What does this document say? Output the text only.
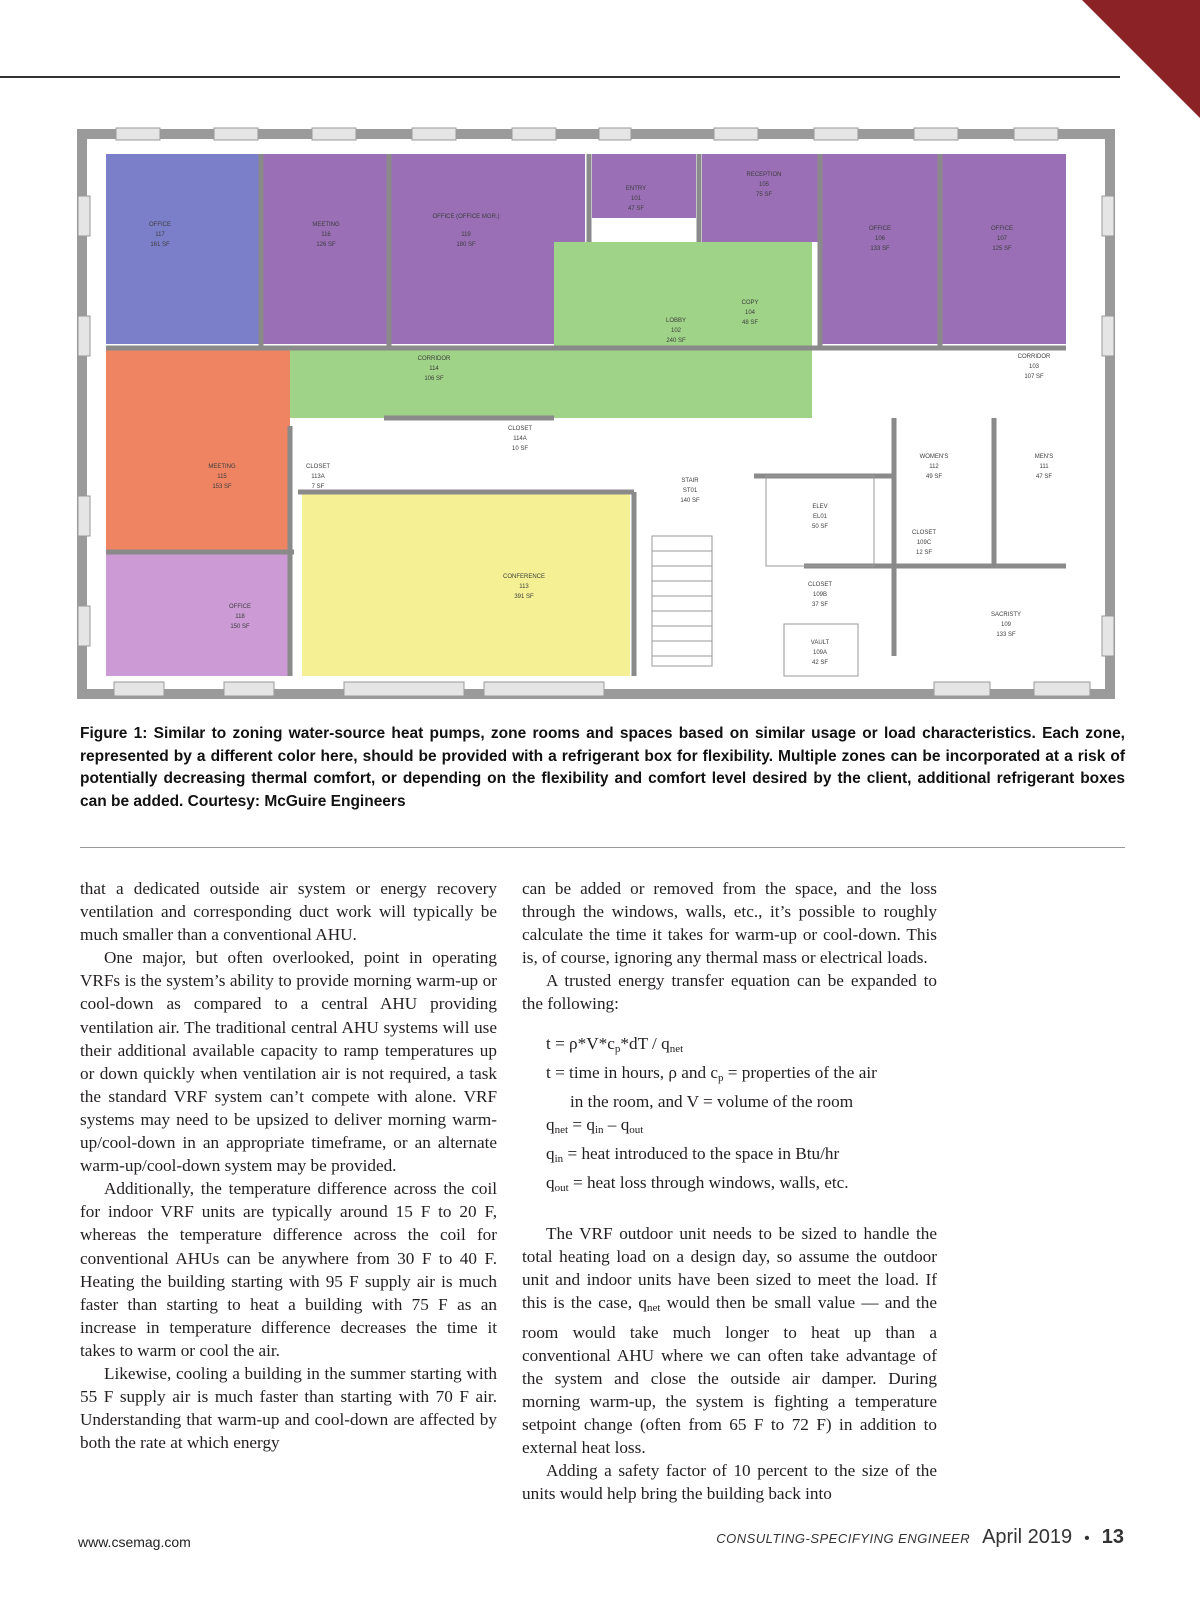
OFFICE
117
161 SF
MEETING
116
126 SF
OFFICE (OFFICE MGR.)
119
180 SF
ENTRY
101
47 SF
RECEPTION
105
75 SF
OFFICE
106
133 SF
OFFICE
107
125 SF
LOBBY
102
240 SF
COPY
104
48 SF
CORRIDOR
114
106 SF
CORRIDOR
103
107 SF
CLOSET
114A
10 SF
MEETING
115
153 SF
CLOSET
113A
7 SF
STAIR
ST01
140 SF
WOMEN'S
112
49 SF
MEN'S
111
47 SF
ELEV
EL01
50 SF
CLOSET
109C
12 SF
CONFERENCE
113
391 SF
CLOSET
109B
37 SF
SACRISTY
109
133 SF
OFFICE
118
150 SF
VAULT
109A
42 SF
Figure 1: Similar to zoning water-source heat pumps, zone rooms and spaces based on similar usage or load characteristics. Each zone, represented by a different color here, should be provided with a refrigerant box for flexibility. Multiple zones can be incorporated at a risk of potentially decreasing thermal comfort, or depending on the flexibility and comfort level desired by the client, additional refrigerant boxes can be added. Courtesy: McGuire Engineers

that a dedicated outside air system or energy recovery ventilation and corresponding duct work will typically be much smaller than a conventional AHU.

One major, but often overlooked, point in operating VRFs is the system’s ability to provide morning warm-up or cool-down as compared to a central AHU providing ventilation air. The traditional central AHU systems will use their additional available capacity to ramp temperatures up or down quickly when ventilation air is not required, a task the standard VRF system can’t compete with alone. VRF systems may need to be upsized to deliver morning warm-up/cool-down in an appropriate timeframe, or an alternate warm-up/cool-down system may be provided.

Additionally, the temperature difference across the coil for indoor VRF units are typically around 15 F to 20 F, whereas the temperature difference across the coil for conventional AHUs can be anywhere from 30 F to 40 F. Heating the building starting with 95 F supply air is much faster than starting to heat a building with 75 F as an increase in temperature difference decreases the time it takes to warm or cool the air.

Likewise, cooling a building in the summer starting with 55 F supply air is much faster than starting with 70 F air. Understanding that warm-up and cool-down are affected by both the rate at which energy

can be added or removed from the space, and the loss through the windows, walls, etc., it’s possible to roughly calculate the time it takes for warm-up or cool-down. This is, of course, ignoring any thermal mass or electrical loads.

A trusted energy transfer equation can be expanded to the following:

$t = \rho*V*c_p*dT / q_{net}$
t = time in hours, ρ and $c_p$ = properties of the air
in the room, and V = volume of the room
$q_{net} = q_{in} - q_{out}$
$q_{in}$ = heat introduced to the space in Btu/hr
$q_{out}$ = heat loss through windows, walls, etc.

The VRF outdoor unit needs to be sized to handle the total heating load on a design day, so assume the outdoor unit and indoor units have been sized to meet the load. If this is the case, $q_{net}$ would then be small value — and the room would take much longer to heat up than a conventional AHU where we can often take advantage of the system and close the outside air damper. During morning warm-up, the system is fighting a temperature setpoint change (often from 65 F to 72 F) in addition to external heat loss.

Adding a safety factor of 10 percent to the size of the units would help bring the building back into

www.csemag.com	CONSULTING-SPECIFYING ENGINEER April 2019 • 13
